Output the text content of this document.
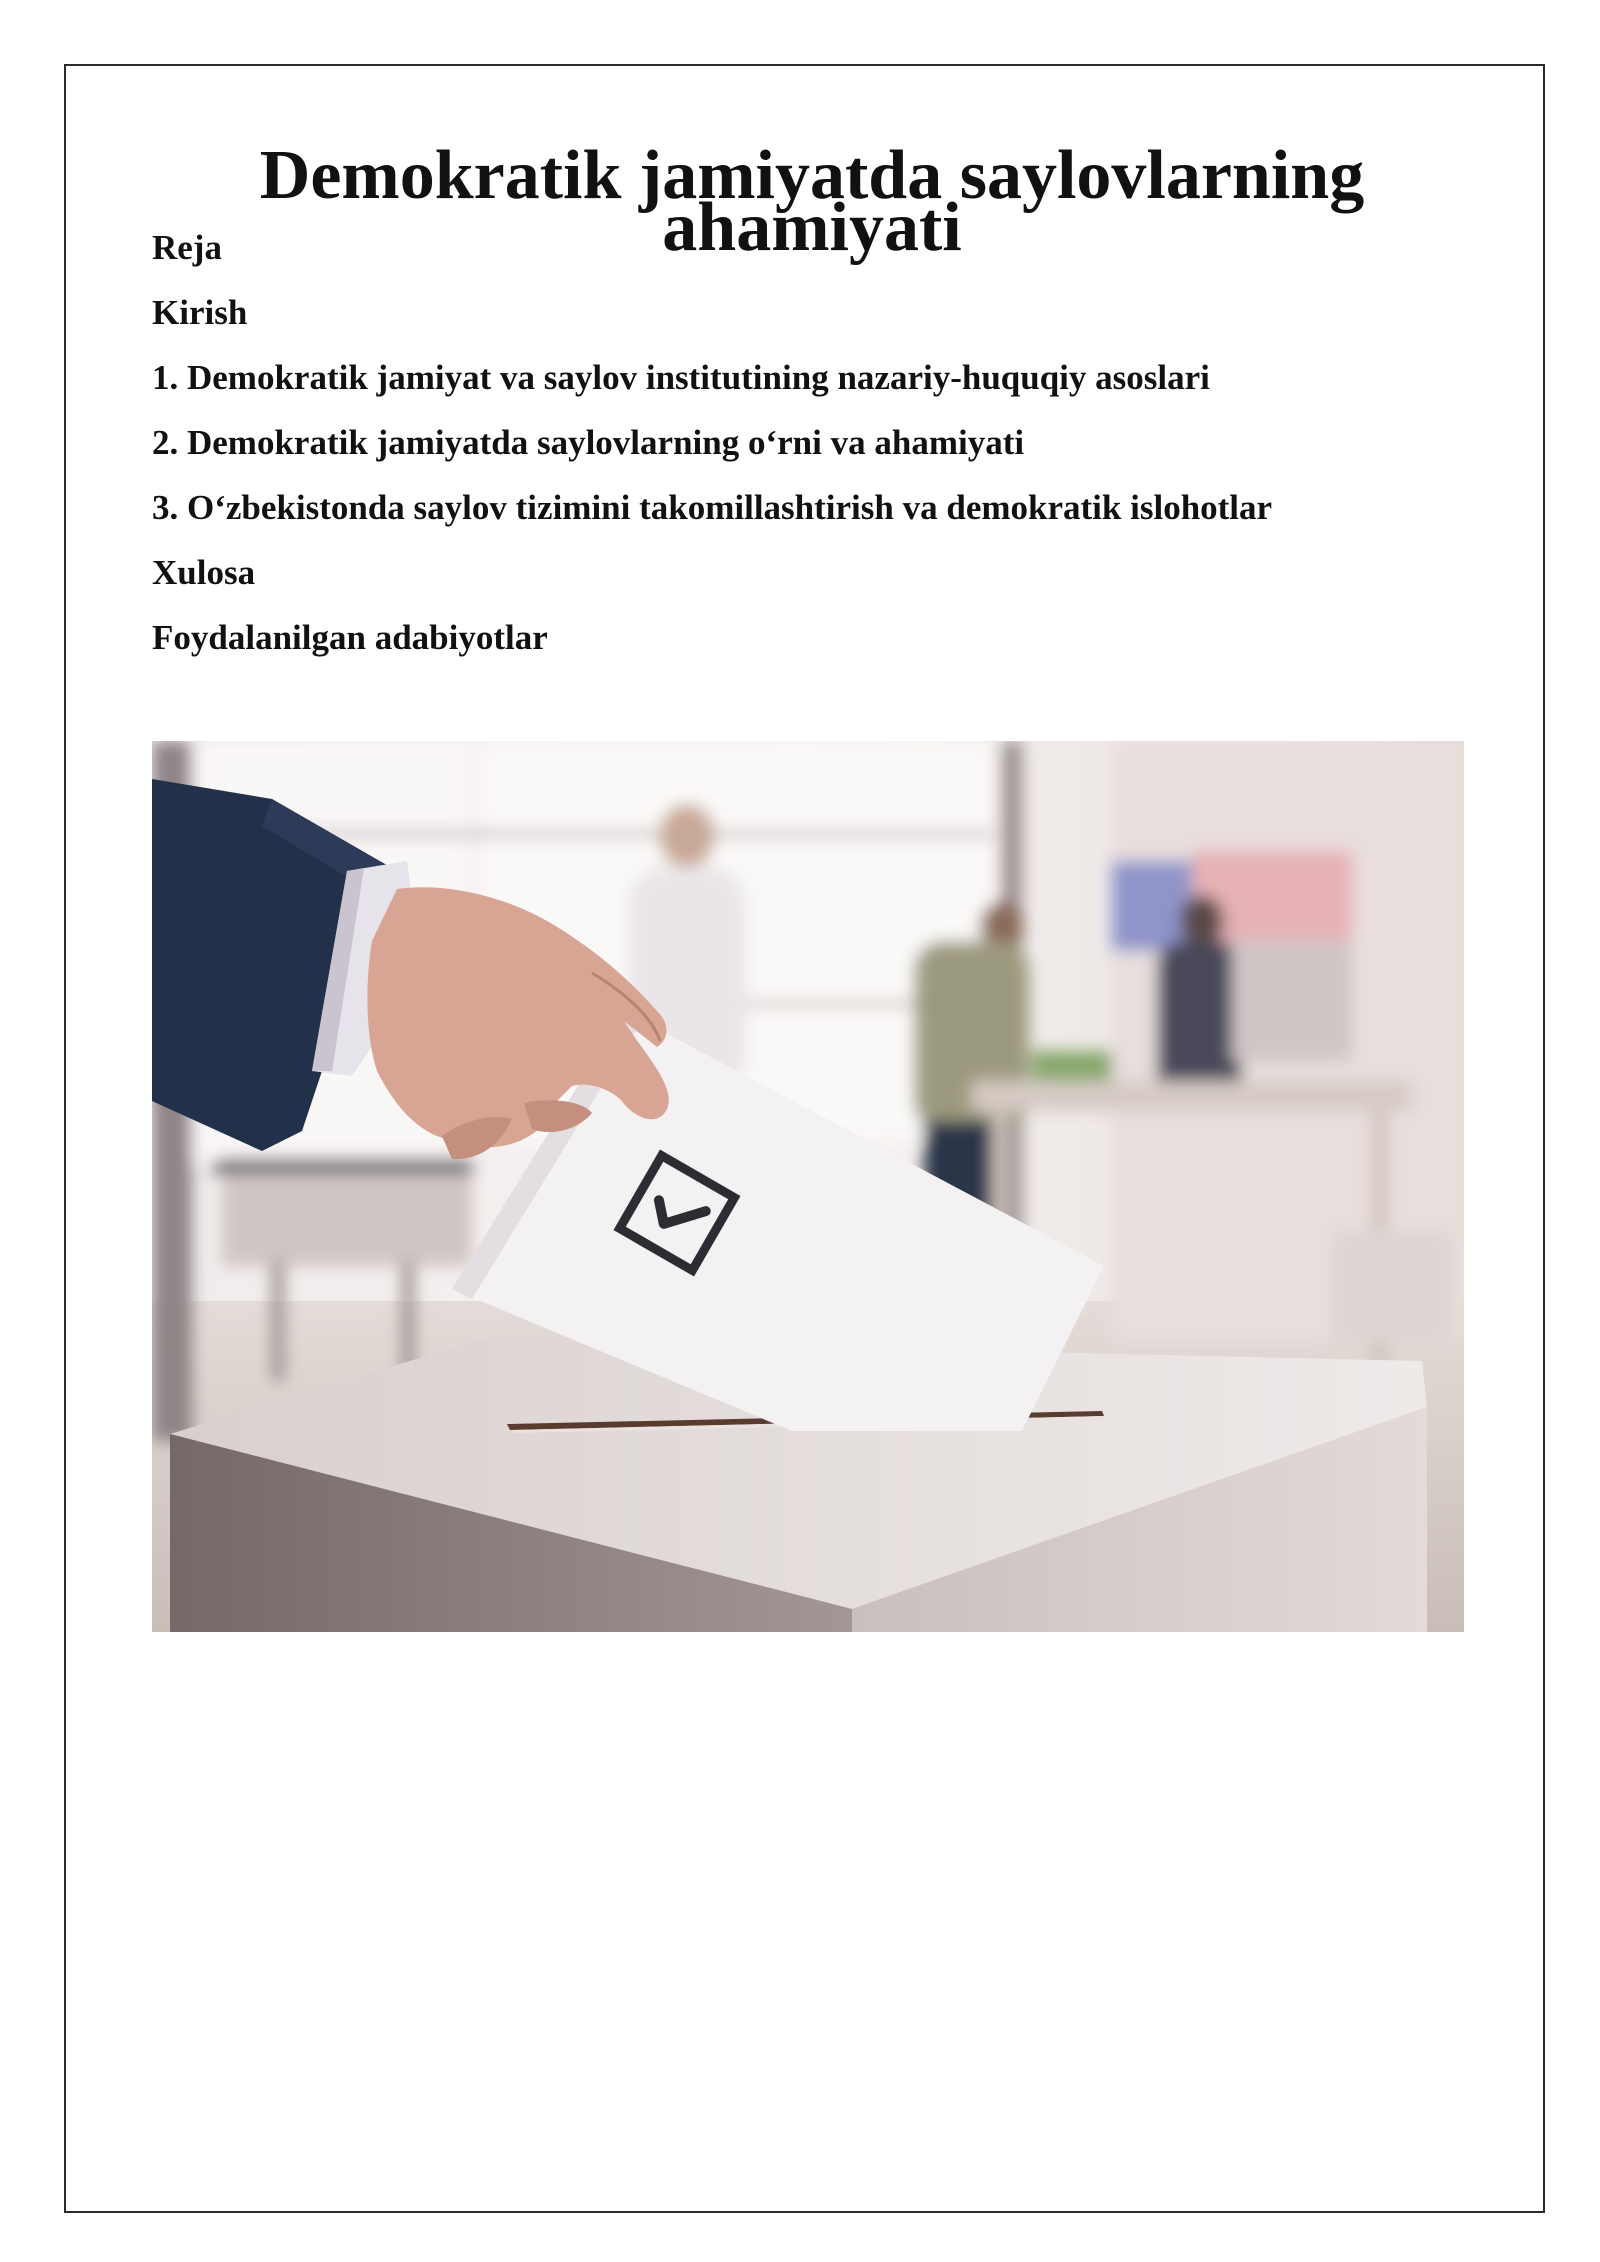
Demokratik jamiyatda saylovlarning ahamiyati

Reja

Kirish

1. Demokratik jamiyat va saylov institutining nazariy-huquqiy asoslari

2. Demokratik jamiyatda saylovlarning o‘rni va ahamiyati

3. O‘zbekistonda saylov tizimini takomillashtirish va demokratik islohotlar

Xulosa

Foydalanilgan adabiyotlar
